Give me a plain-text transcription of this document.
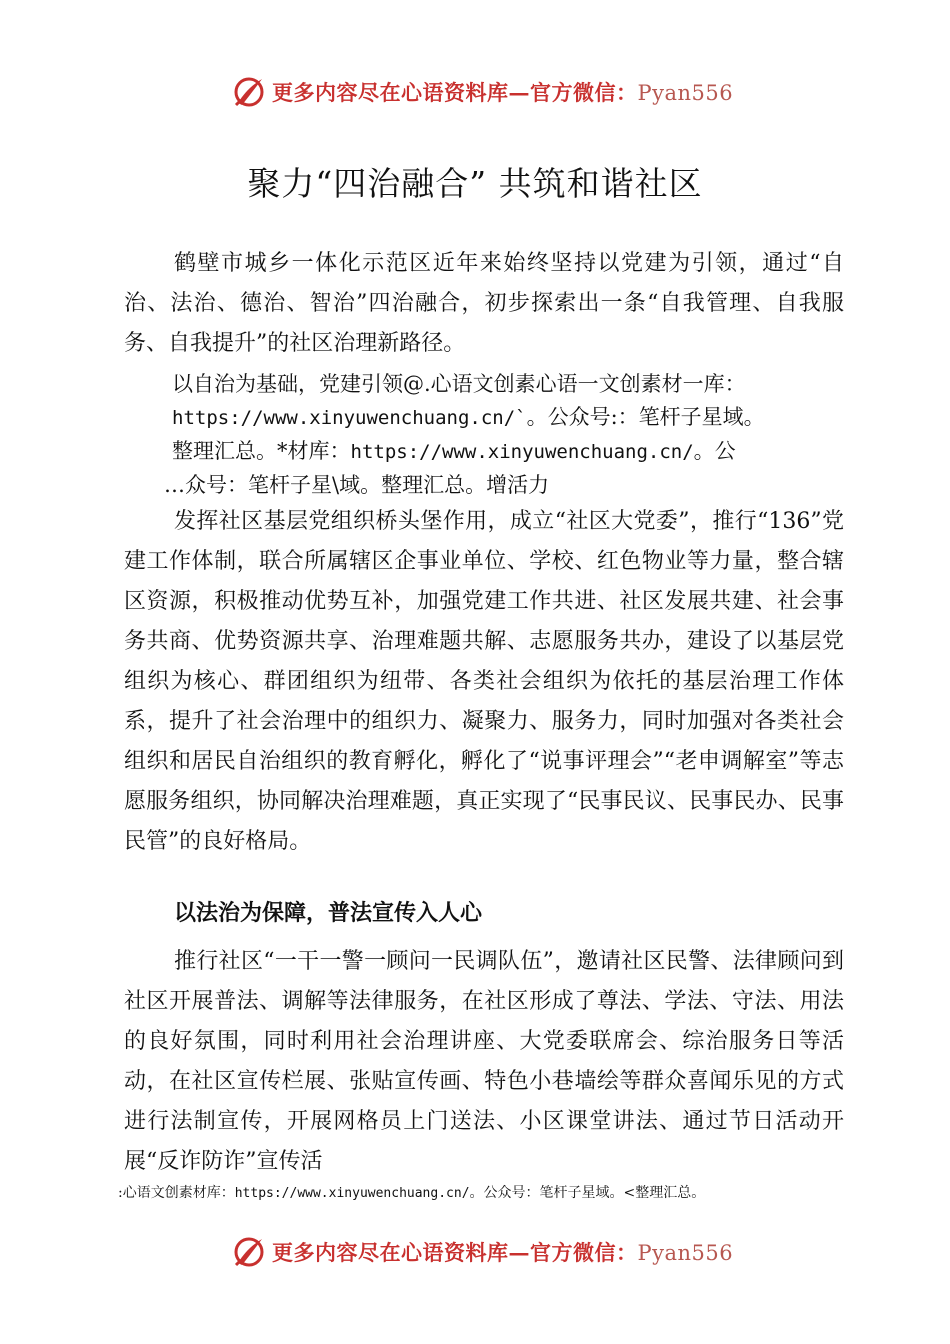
更多内容尽在心语资料库—官方微信：Pyan556
聚力“四治融合” 共筑和谐社区

鹤壁市城乡一体化示范区近年来始终坚持以党建为引领，通过“自治、法治、德治、智治”四治融合，初步探索出一条“自我管理、自我服务、自我提升”的社区治理新路径。

以自治为基础，党建引领@.心语文创素心语一文创素材一库：
https://www.xinyuwenchuang.cn/`。公众号:：笔杆子星域。
整理汇总。*材库：https://www.xinyuwenchuang.cn/。公
…众号：笔杆子星\域。整理汇总。增活力

发挥社区基层党组织桥头堡作用，成立“社区大党委”，推行“136”党建工作体制，联合所属辖区企事业单位、学校、红色物业等力量，整合辖区资源，积极推动优势互补，加强党建工作共进、社区发展共建、社会事务共商、优势资源共享、治理难题共解、志愿服务共办，建设了以基层党组织为核心、群团组织为纽带、各类社会组织为依托的基层治理工作体系，提升了社会治理中的组织力、凝聚力、服务力，同时加强对各类社会组织和居民自治组织的教育孵化，孵化了“说事评理会”“老申调解室”等志愿服务组织，协同解决治理难题，真正实现了“民事民议、民事民办、民事民管”的良好格局。

以法治为保障，普法宣传入人心

推行社区“一干一警一顾问一民调队伍”，邀请社区民警、法律顾问到社区开展普法、调解等法律服务，在社区形成了尊法、学法、守法、用法的良好氛围，同时利用社会治理讲座、大党委联席会、综治服务日等活动，在社区宣传栏展、张贴宣传画、特色小巷墙绘等群众喜闻乐见的方式进行法制宣传，开展网格员上门送法、小区课堂讲法、通过节日活动开展“反诈防诈”宣传活

:心语文创素材库：https://www.xinyuwenchuang.cn/。公众号：笔杆子星域。<整理汇总。

更多内容尽在心语资料库—官方微信：Pyan556
